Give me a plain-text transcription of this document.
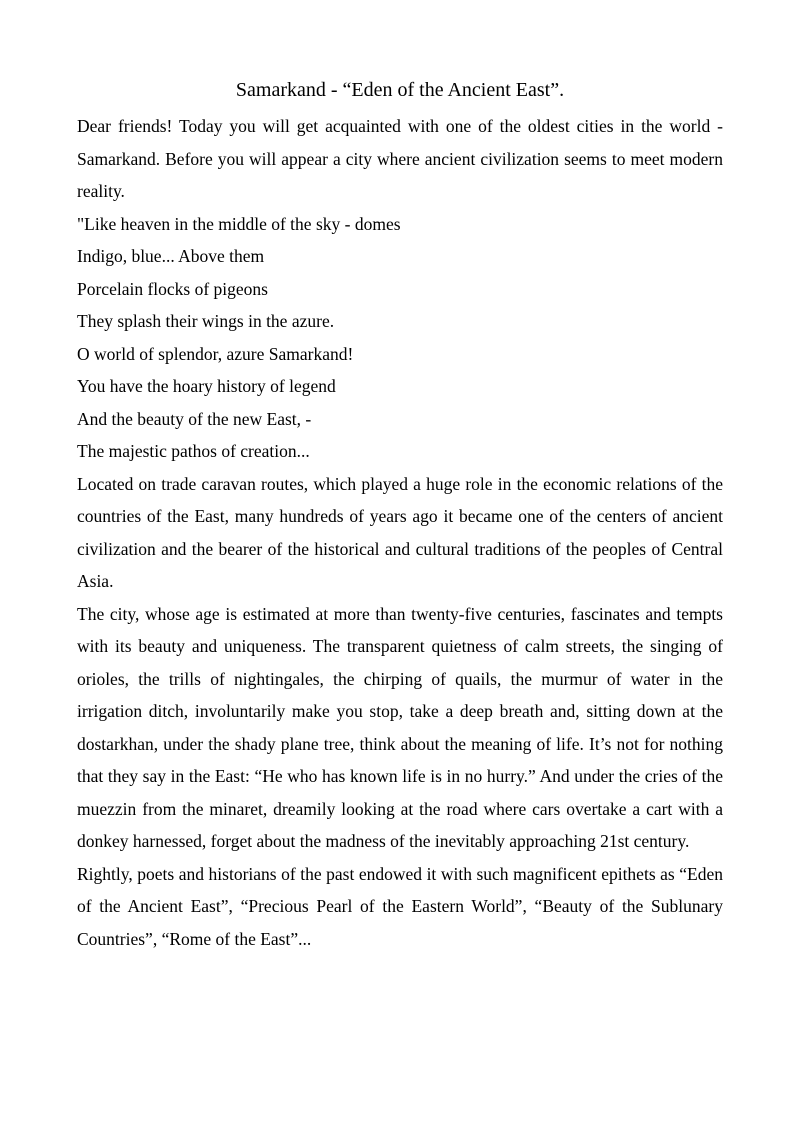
Samarkand - “Eden of the Ancient East”.

Dear friends! Today you will get acquainted with one of the oldest cities in the world - Samarkand. Before you will appear a city where ancient civilization seems to meet modern reality.

"Like heaven in the middle of the sky - domes

Indigo, blue... Above them

Porcelain flocks of pigeons

They splash their wings in the azure.

O world of splendor, azure Samarkand!

You have the hoary history of legend

And the beauty of the new East, -

The majestic pathos of creation...

Located on trade caravan routes, which played a huge role in the economic relations of the countries of the East, many hundreds of years ago it became one of the centers of ancient civilization and the bearer of the historical and cultural traditions of the peoples of Central Asia.

The city, whose age is estimated at more than twenty-five centuries, fascinates and tempts with its beauty and uniqueness. The transparent quietness of calm streets, the singing of orioles, the trills of nightingales, the chirping of quails, the murmur of water in the irrigation ditch, involuntarily make you stop, take a deep breath and, sitting down at the dostarkhan, under the shady plane tree, think about the meaning of life. It’s not for nothing that they say in the East: “He who has known life is in no hurry.” And under the cries of the muezzin from the minaret, dreamily looking at the road where cars overtake a cart with a donkey harnessed, forget about the madness of the inevitably approaching 21st century.

Rightly, poets and historians of the past endowed it with such magnificent epithets as “Eden of the Ancient East”, “Precious Pearl of the Eastern World”, “Beauty of the Sublunary Countries”, “Rome of the East”...
